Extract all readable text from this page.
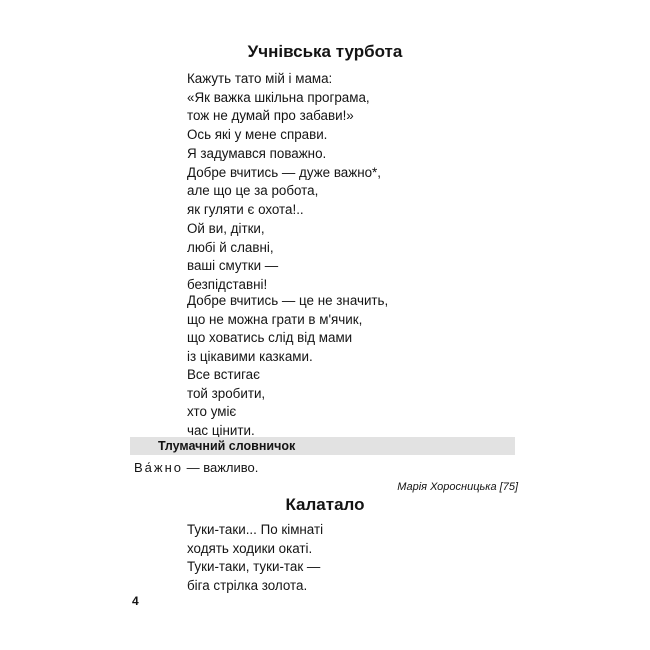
Учнівська турбота
Кажуть тато мій і мама:
«Як важка шкільна програма,
тож не думай про забави!»
Ось які у мене справи.
Я задумався поважно.
Добре вчитись — дуже важно*,
але що це за робота,
як гуляти є охота!..
Ой ви, дітки,
любі й славні,
ваші смутки —
безпідставні!
Добре вчитись — це не значить,
що не можна грати в м'ячик,
що ховатись слід від мами
із цікавими казками.
Все встигає
той зробити,
хто уміє
час цінити.
Тлумачний словничок
Ва́жно — важливо.
Марія Хоросницька [75]
Калатало
Туки-таки... По кімнаті
ходять ходики окаті.
Туки-таки, туки-так —
біга стрілка золота.
4
